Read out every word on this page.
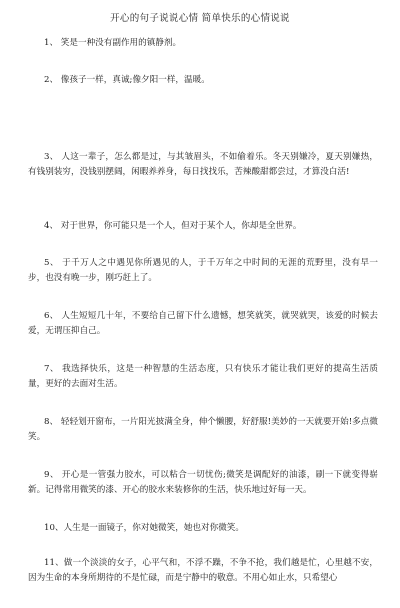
开心的句子说说心情 简单快乐的心情说说
1、 笑是一种没有副作用的镇静剂。
2、 像孩子一样，真诚;像夕阳一样，温暖。
3、 人这一辈子，怎么都是过，与其皱眉头，不如偷着乐。冬天别嫌冷，夏天别嫌热，有钱别装穷，没钱别摆阔，闲暇养养身，每日找找乐，苦辣酸甜都尝过，才算没白活!
4、 对于世界，你可能只是一个人，但对于某个人，你却是全世界。
5、 于千万人之中遇见你所遇见的人，于千万年之中时间的无涯的荒野里，没有早一步，也没有晚一步，刚巧赶上了。
6、 人生短短几十年，不要给自己留下什么遗憾，想笑就笑，就哭就哭，该爱的时候去爱，无谓压抑自己。
7、 我选择快乐，这是一种智慧的生活态度，只有快乐才能让我们更好的提高生活质量，更好的去面对生活。
8、 轻轻划开窗布，一片阳光披满全身，伸个懒腰，好舒服!美妙的一天就要开始!多点微笑。
9、 开心是一管强力胶水，可以粘合一切忧伤;微笑是调配好的油漆，刷一下就变得崭新。记得常用微笑的漆、开心的胶水来装修你的生活，快乐地过好每一天。
10、人生是一面镜子，你对她微笑，她也对你微笑。
11、做一个淡淡的女子，心平气和，不浮不躁，不争不抢，我们越是忙，心里越不安，因为生命的本身所期待的不是忙碌，而是宁静中的敬意。不用心如止水，只希望心
